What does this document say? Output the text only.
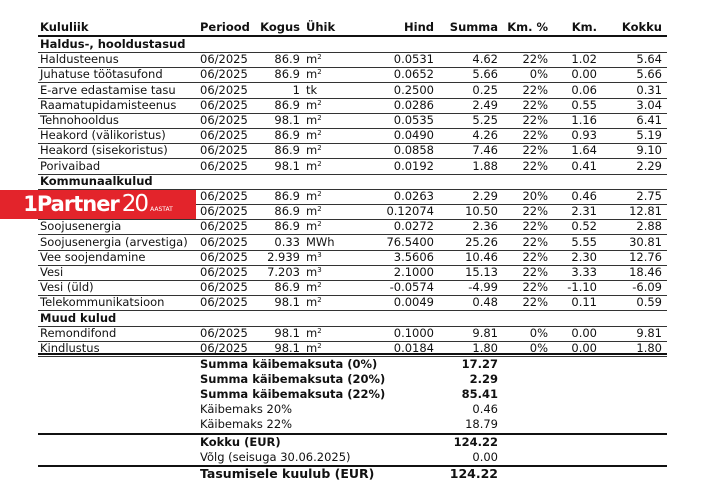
Kululiik	Periood Kogus Ühik	Hind Summa Km. % Km. Kokku
Haldus-, hooldustasud
Haldusteenus	06/2025 86.9 $m^2$	0.0531	4.62 22% 1.02	5.64
Juhatuse töötasufond	06/2025 86.9 $m^2$	0.0652	5.66	0% 0.00	5.66
E-arve edastamise tasu 06/2025	1 tk	0.2500	0.25 22% 0.06	0.31
Raamatupidamisteenus 06/2025 86.9 $m^2$	0.0286	2.49 22% 0.55	3.04
Tehnohooldus	06/2025 98.1 $m^2$	0.0535	5.25 22% 1.16	6.41
Heakord (välikoristus)	06/2025 86.9 $m^2$	0.0490	4.26 22% 0.93	5.19
Heakord (sisekoristus)	06/2025 86.9 $m^2$	0.0858	7.46 22% 1.64	9.10
Porivaibad	06/2025 98.1 $m^2$	0.0192	1.88 22% 0.41	2.29
Kommunaalkulud
06/2025 86.9 $m^2$	0.0263	2.29 20% 0.46	2.75
06/2025 86.9 $m^2$	0.12074	10.50 22% 2.31	12.81
Soojusenergia	06/2025 86.9 $m^2$	0.0272	2.36 22% 0.52	2.88
Soojusenergia (arvestiga) 06/2025 0.33 MWh	76.5400	25.26 22% 5.55	30.81
Vee soojendamine	06/2025 2.939 $m^3$	3.5606	10.46 22% 2.30	12.76
Vesi	06/2025 7.203 $m^3$	2.1000	15.13 22% 3.33	18.46
Vesi (üld)	06/2025 86.9 $m^2$	-0.0574	-4.99 22% -1.10	-6.09
Telekommunikatsioon	06/2025 98.1 $m^2$	0.0049	0.48 22% 0.11	0.59
Muud kulud
Remondifond	06/2025 98.1 $m^2$	0.1000	9.81	0% 0.00	9.81
Kindlustus	06/2025 98.1 $m^2$	0.0184	1.80	0% 0.00	1.80
Summa käibemaksuta (0%)	17.27
Summa käibemaksuta (20%)	2.29
Summa käibemaksuta (22%)	85.41
Käibemaks 20%	0.46
Käibemaks 22%	18.79
Kokku (EUR)	124.22
Võlg (seisuga 30.06.2025)	0.00
Tasumisele kuulub (EUR)	124.22
1Partner 20 AASTAT
